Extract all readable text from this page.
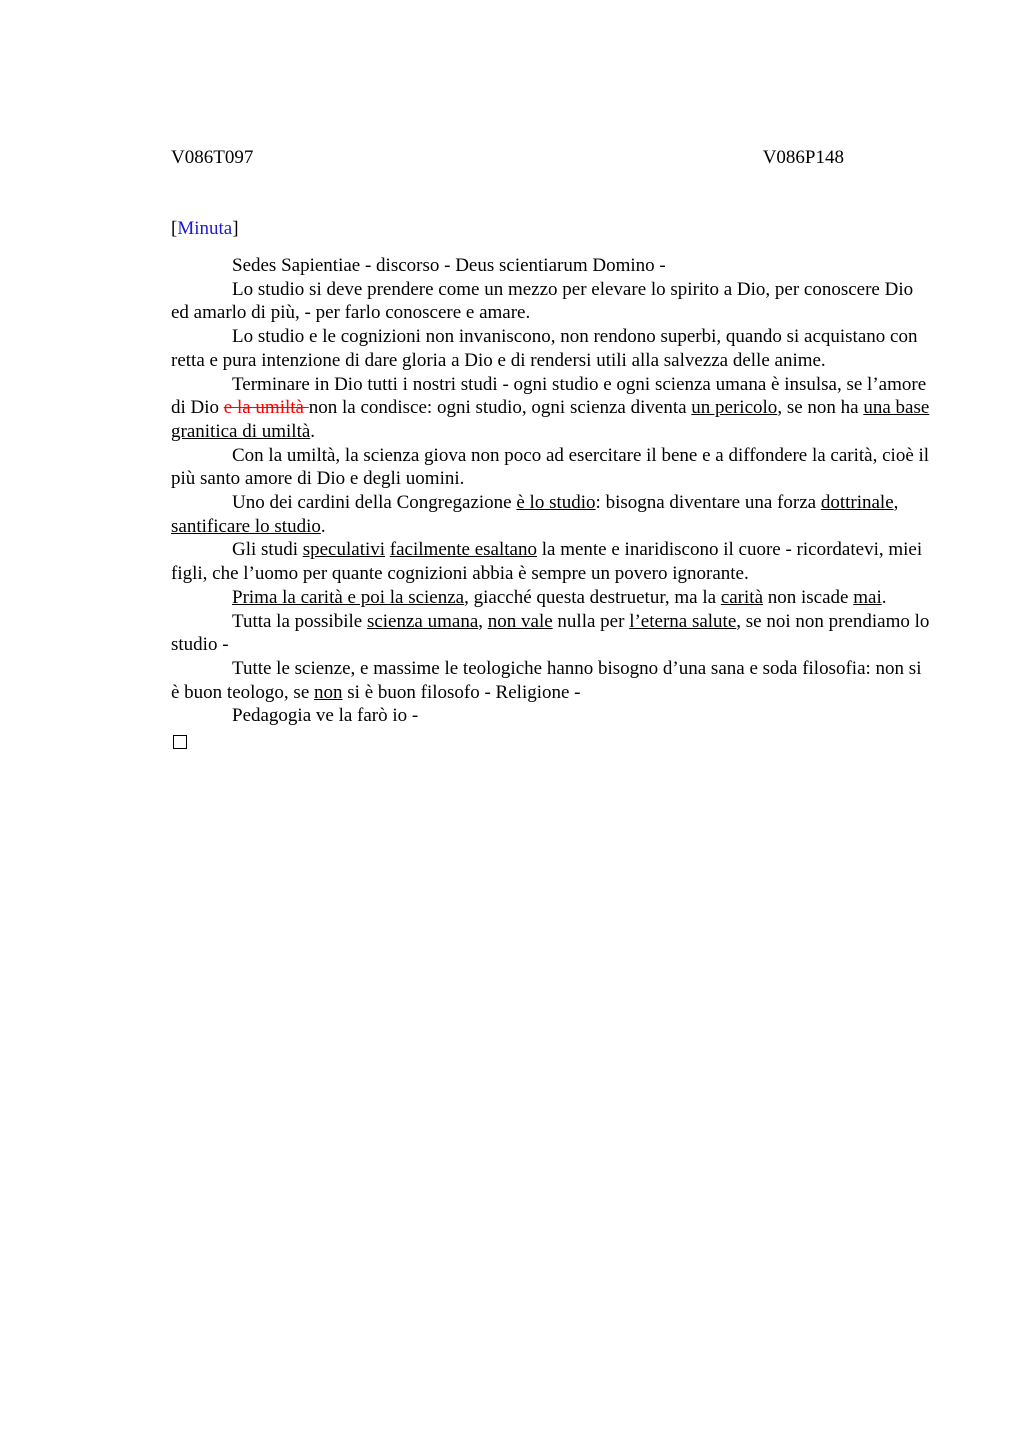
V086T097	V086P148
[Minuta]

Sedes Sapientiae - discorso - Deus scientiarum Domino -

Lo studio si deve prendere come un mezzo per elevare lo spirito a Dio, per conoscere Dio ed amarlo di più, - per farlo conoscere e amare.

Lo studio e le cognizioni non invaniscono, non rendono superbi, quando si acquistano con retta e pura intenzione di dare gloria a Dio e di rendersi utili alla salvezza delle anime.

Terminare in Dio tutti i nostri studi - ogni studio e ogni scienza umana è insulsa, se l’amore di Dio e la umiltà non la condisce: ogni studio, ogni scienza diventa un pericolo, se non ha una base granitica di umiltà.

Con la umiltà, la scienza giova non poco ad esercitare il bene e a diffondere la carità, cioè il più santo amore di Dio e degli uomini.

Uno dei cardini della Congregazione è lo studio: bisogna diventare una forza dottrinale, santificare lo studio.

Gli studi speculativi facilmente esaltano la mente e inaridiscono il cuore - ricordatevi, miei figli, che l’uomo per quante cognizioni abbia è sempre un povero ignorante.

Prima la carità e poi la scienza, giacché questa destruetur, ma la carità non iscade mai.

Tutta la possibile scienza umana, non vale nulla per l’eterna salute, se noi non prendiamo lo studio -

Tutte le scienze, e massime le teologiche hanno bisogno d’una sana e soda filosofia: non si è buon teologo, se non si è buon filosofo - Religione -

Pedagogia ve la farò io -
